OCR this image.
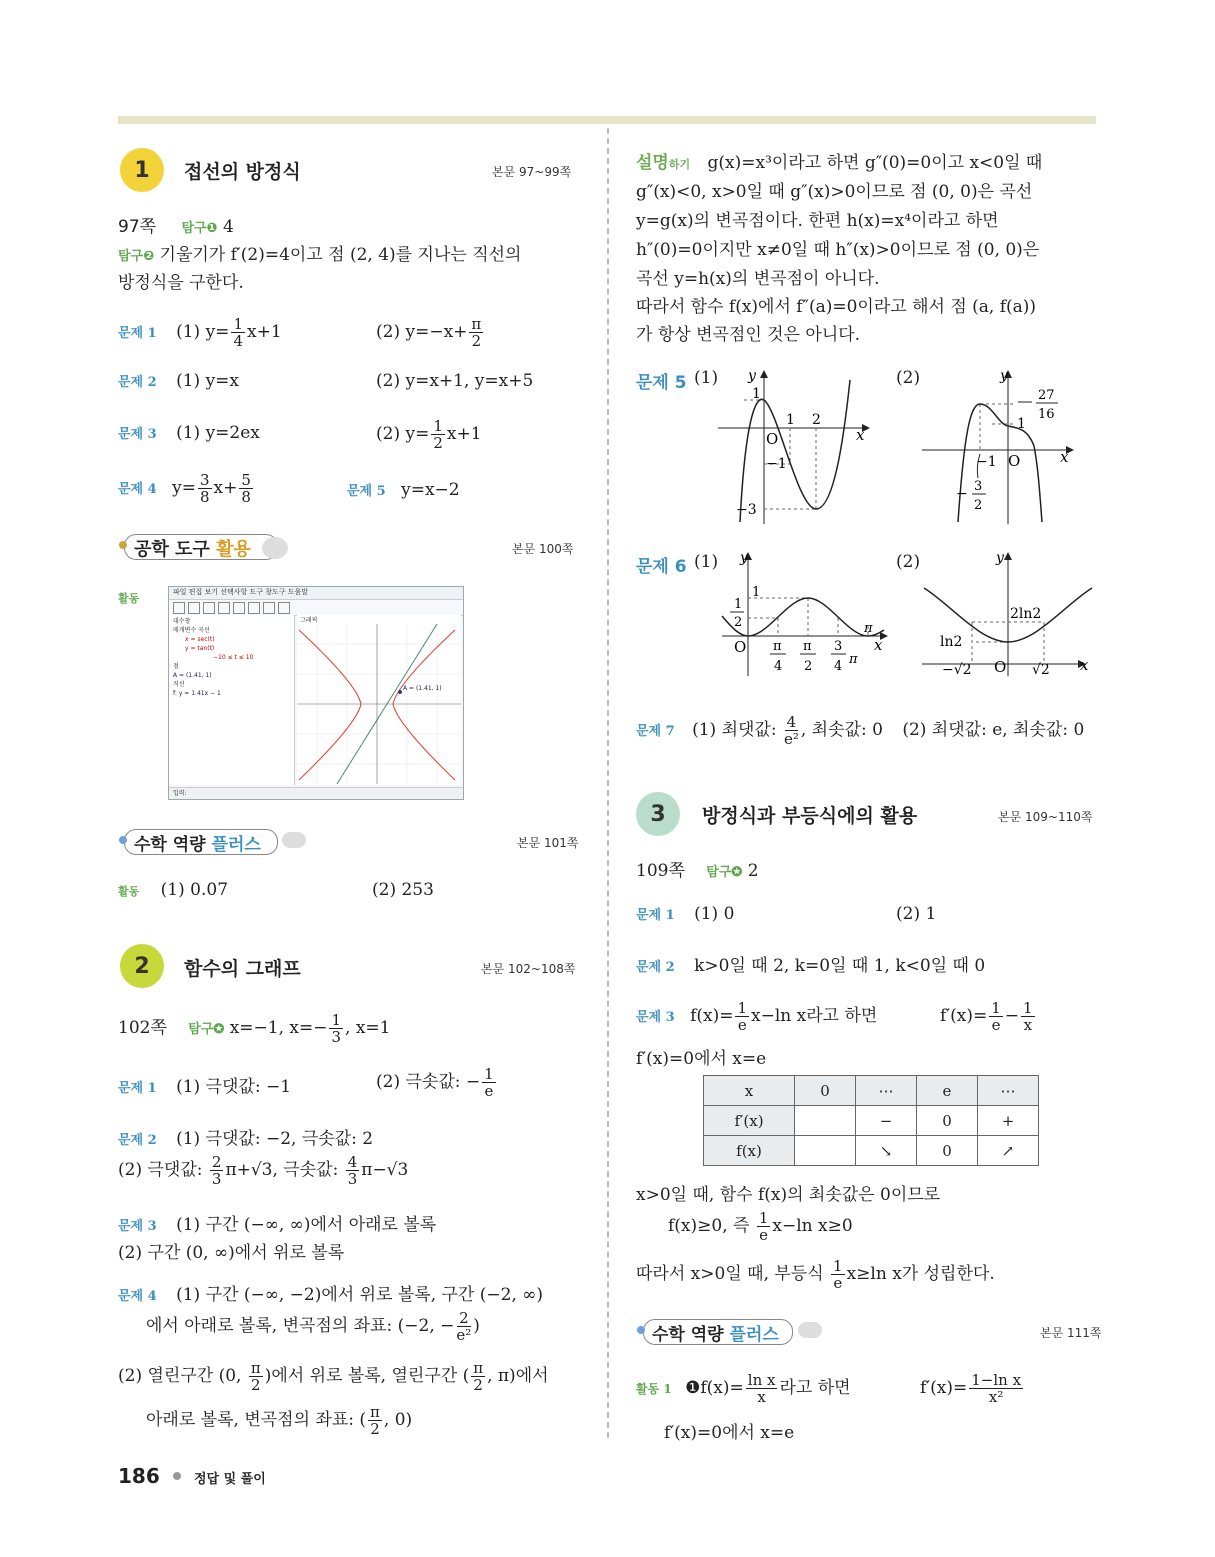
1	접선의 방정식	본문 97~99쪽
97쪽 탐구❶ 4
탐구❷ 기울기가 f′(2)=4이고 점 (2, 4)를 지나는 직선의
방정식을 구한다.
문제 1 (1) $y= \frac{1}{4} x+1$	(2) $y=-x+ \frac{\pi}{2}$
문제 2 (1) y=x	(2) y=x+1, y=x+5
문제 3 (1) y=2ex	(2) $y= \frac{1}{2} x+1$
문제 4 $y= \frac{3}{8} x+ \frac{5}{8}$	문제 5 y=x−2
공학 도구 활용	본문 100쪽
활동	파일 편집 보기 선택사항 도구 창도구 도움말
대수창
매개변수 곡선
x = sec(t)
y = tan(t)
−10 ≤ t ≤ 10
점
A = (1.41, 1)
직선
f: y = 1.41x − 1
그래픽
A = (1.41, 1)
입력:
수학 역량 플러스	본문 101쪽
활동 (1) 0.07	(2) 253
2	함수의 그래프	본문 102~108쪽
102쪽 탐구✪ x=−1, $x=- \frac{1}{3}$ , x=1
문제 1 (1) 극댓값: −1	(2) 극솟값: − $\frac{1}{e}$
문제 2 (1) 극댓값: −2, 극솟값: 2
(2) 극댓값: $\frac{2}{3} \pi+√3$, 극솟값: $\frac{4}{3} \pi-√3$
문제 3 (1) 구간 (−∞, ∞)에서 아래로 볼록
(2) 구간 (0, ∞)에서 위로 볼록
문제 4 (1) 구간 (−∞, −2)에서 위로 볼록, 구간 (−2, ∞)
에서 아래로 볼록, 변곡점의 좌표: (−2, − $\frac{2}{\text{e²}}$ )
(2) 열린구간 (0, $\frac{\pi}{2}$ )에서 위로 볼록, 열린구간 ( $\frac{\pi}{2}$ , π)에서
아래로 볼록, 변곡점의 좌표: ( $\frac{\pi}{2}$ , 0)
설명하기 g(x)=x³이라고 하면 g″(0)=0이고 x<0일 때
g″(x)<0, x>0일 때 g″(x)>0이므로 점 (0, 0)은 곡선
y=g(x)의 변곡점이다. 한편 h(x)=x⁴이라고 하면
h″(0)=0이지만 x≠0일 때 h″(x)>0이므로 점 (0, 0)은
곡선 y=h(x)의 변곡점이 아니다.
따라서 함수 f(x)에서 f″(a)=0이라고 해서 점 (a, f(a))
가 항상 변곡점인 것은 아니다.
문제 5 (1)
x
y
O
1 2
1
−1
−3
(2)
x
y
O
1
−1
27
16
− 3
2
문제 6 (1)
x
y
O
1
1
2	π
π
4
π
2
3
4 π
(2)
x
y
O
2ln2
ln2
−√2	√2
문제 7 (1) 최댓값: $\frac{4}{\text{e²}}$ , 최솟값: 0 (2) 최댓값: e, 최솟값: 0
3	방정식과 부등식에의 활용	본문 109~110쪽
109쪽 탐구✪ 2
문제 1 (1) 0	(2) 1
문제 2 k>0일 때 2, k=0일 때 1, k<0일 때 0
문제 3 $f(x)= \frac{1}{e} x-\ln$ x라고 하면	$f'(x)= \frac{1}{e} - \frac{1}{x}$
f′(x)=0에서 x=e
x	0	⋯	e	⋯
f′(x)		−	0	+
f(x)		↘	0	↗
x>0일 때, 함수 f(x)의 최솟값은 0이므로
f(x)≥0, 즉 $\frac{1}{e} x-\ln$ x≥0
따라서 x>0일 때, 부등식 $\frac{1}{e} x\ge\ln$ x가 성립한다.
수학 역량 플러스	본문 111쪽
활동 1 ❶f(x)= $\frac{\text{ln x}}{x}$ 라고 하면	$f'(x)= \frac{\text{1−ln x}}{\text{x²}}$
f′(x)=0에서 x=e
186	정답 및 풀이
